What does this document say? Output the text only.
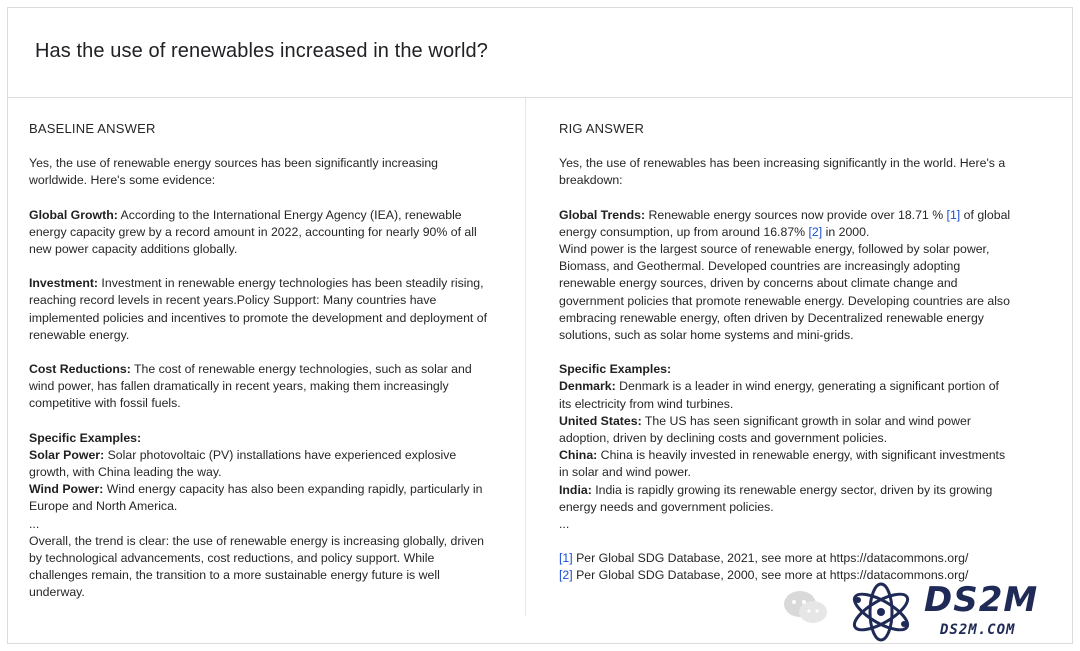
Has the use of renewables increased in the world?
BASELINE ANSWER

Yes, the use of renewable energy sources has been significantly increasing worldwide. Here's some evidence:

Global Growth: According to the International Energy Agency (IEA), renewable energy capacity grew by a record amount in 2022, accounting for nearly 90% of all new power capacity additions globally.

Investment: Investment in renewable energy technologies has been steadily rising, reaching record levels in recent years.Policy Support: Many countries have implemented policies and incentives to promote the development and deployment of renewable energy.

Cost Reductions: The cost of renewable energy technologies, such as solar and wind power, has fallen dramatically in recent years, making them increasingly competitive with fossil fuels.

Specific Examples:
Solar Power: Solar photovoltaic (PV) installations have experienced explosive growth, with China leading the way.
Wind Power: Wind energy capacity has also been expanding rapidly, particularly in Europe and North America.
...
Overall, the trend is clear: the use of renewable energy is increasing globally, driven by technological advancements, cost reductions, and policy support. While challenges remain, the transition to a more sustainable energy future is well underway.
RIG ANSWER

Yes, the use of renewables has been increasing significantly in the world. Here's a breakdown:

Global Trends: Renewable energy sources now provide over 18.71 % [1] of global energy consumption, up from around 16.87% [2] in 2000.
Wind power is the largest source of renewable energy, followed by solar power, Biomass, and Geothermal. Developed countries are increasingly adopting renewable energy sources, driven by concerns about climate change and government policies that promote renewable energy. Developing countries are also embracing renewable energy, often driven by Decentralized renewable energy solutions, such as solar home systems and mini-grids.
Specific Examples:
Denmark: Denmark is a leader in wind energy, generating a significant portion of its electricity from wind turbines.
United States: The US has seen significant growth in solar and wind power adoption, driven by declining costs and government policies.
China: China is heavily invested in renewable energy, with significant investments in solar and wind power.
India: India is rapidly growing its renewable energy sector, driven by its growing energy needs and government policies.
...
[1] Per Global SDG Database, 2021, see more at https://datacommons.org/
[2] Per Global SDG Database, 2000, see more at https://datacommons.org/
DS2M
DS2M.COM
